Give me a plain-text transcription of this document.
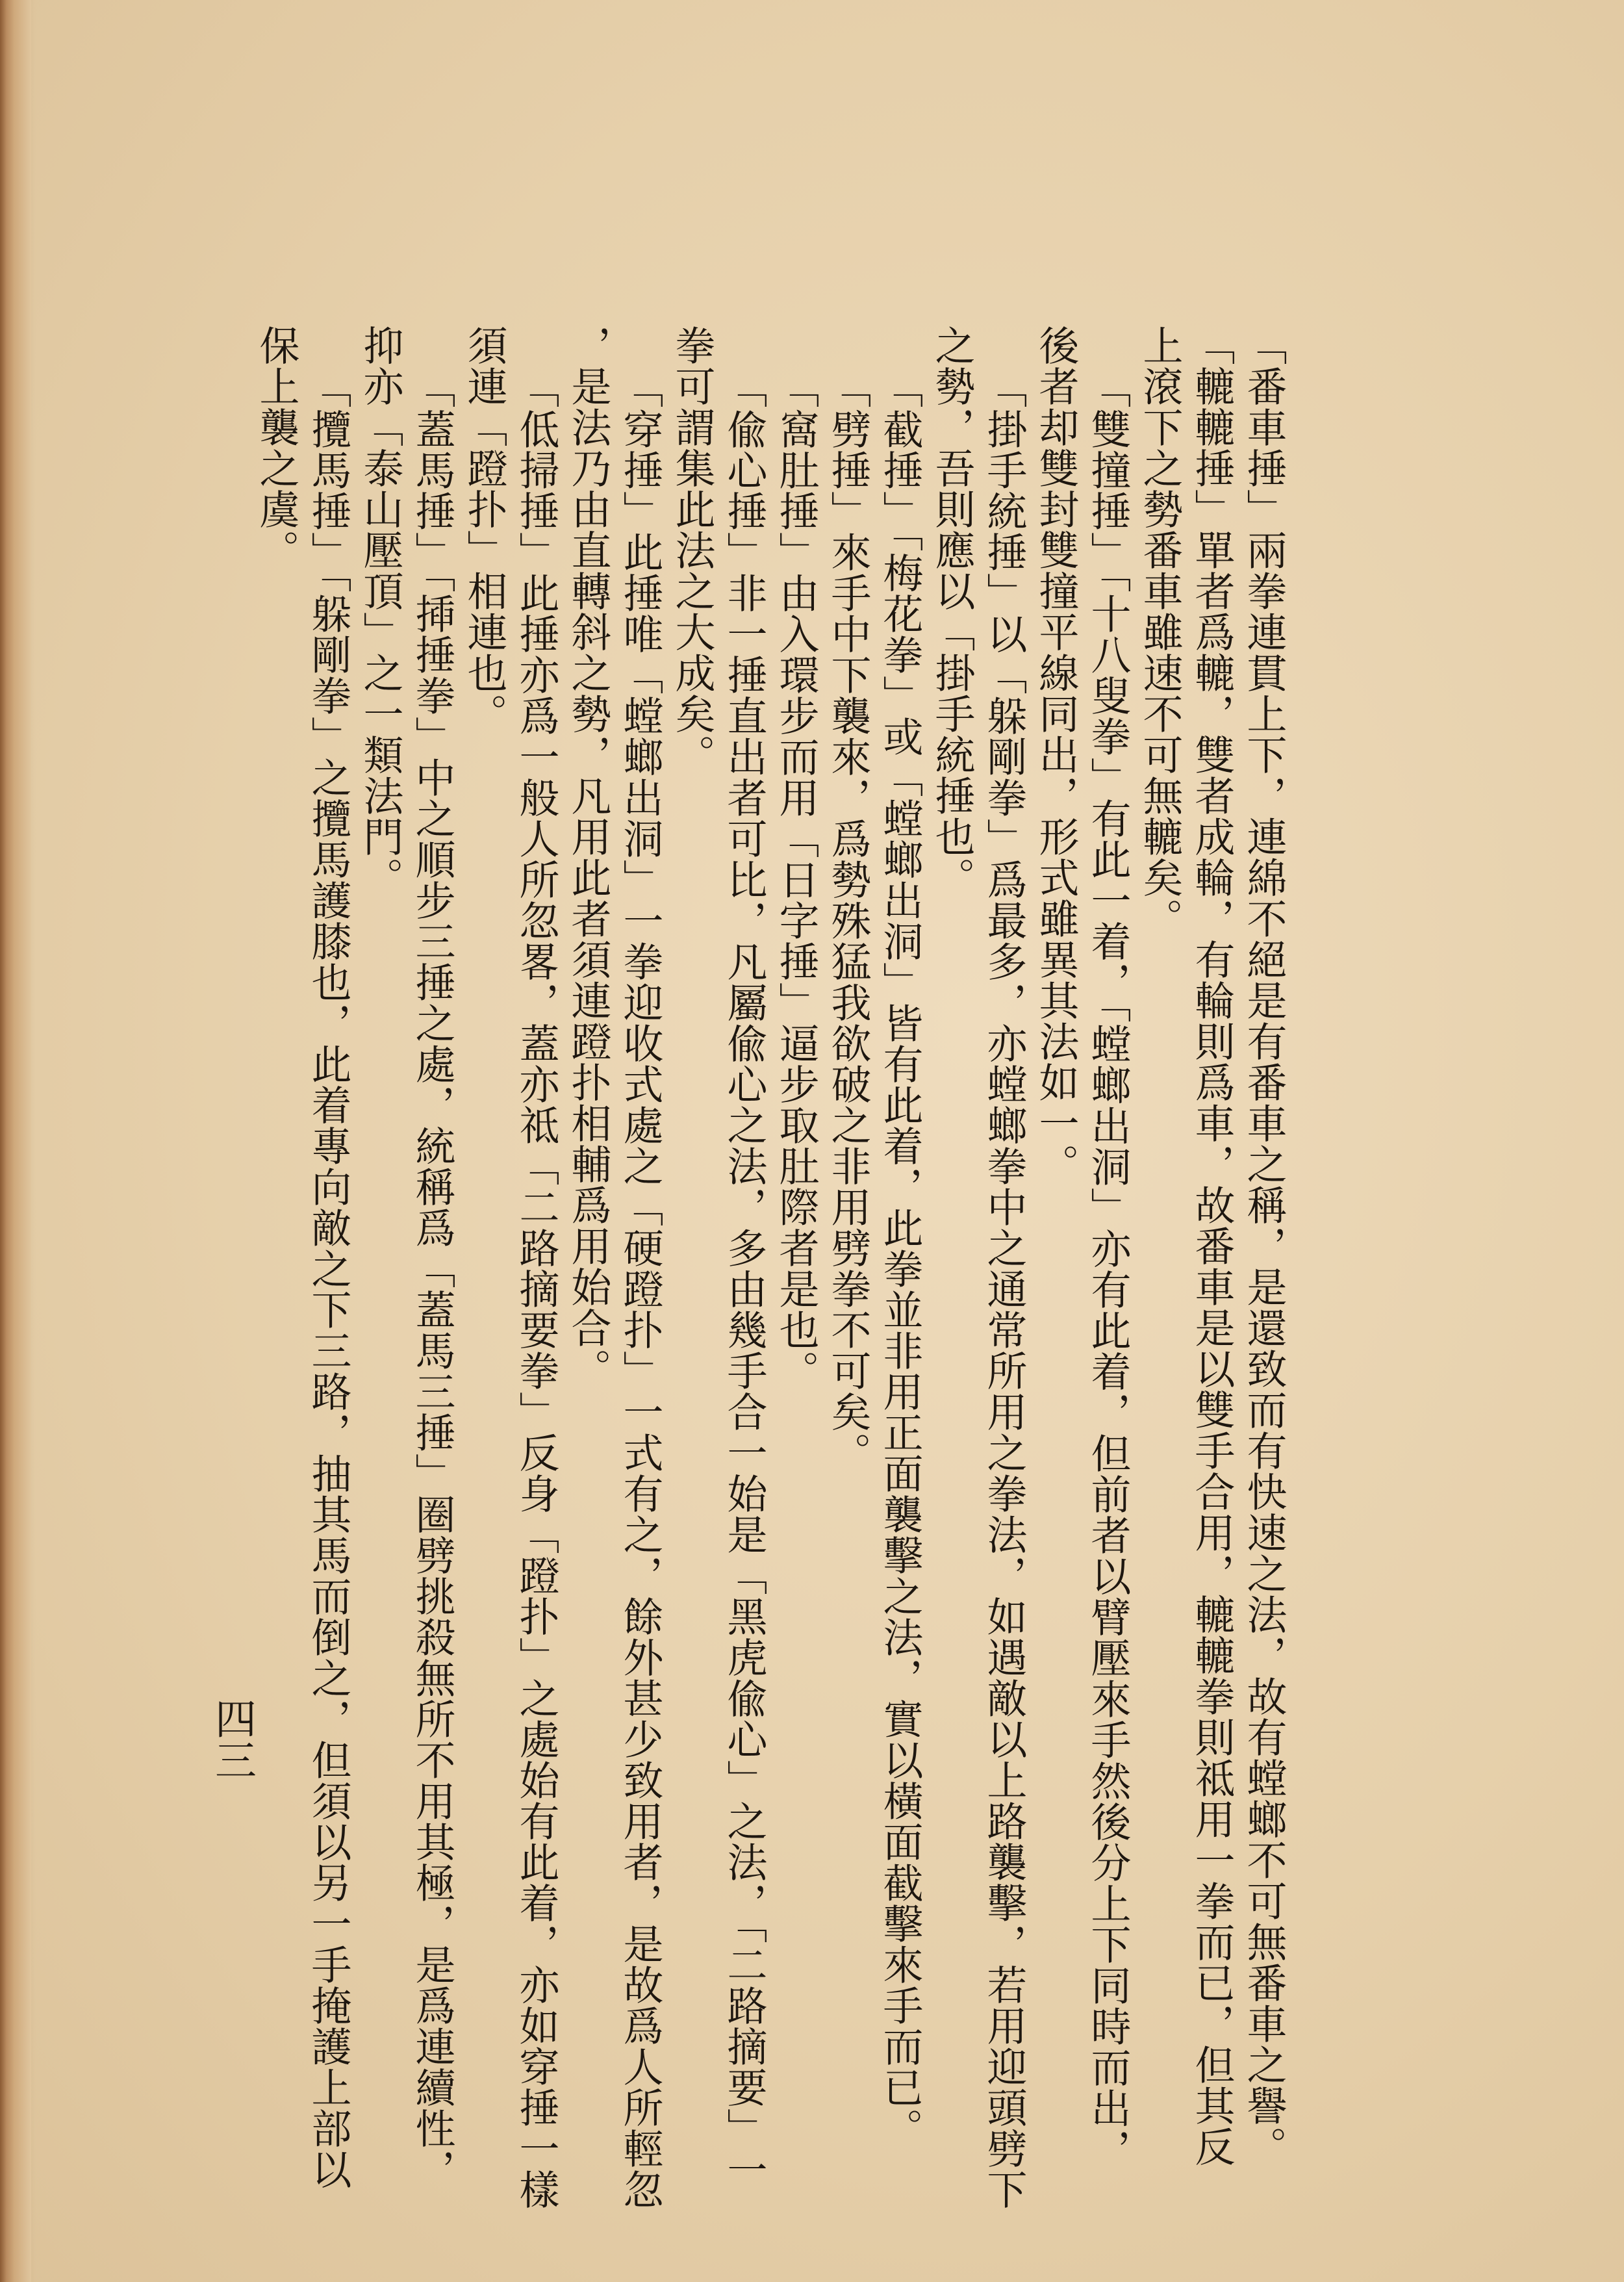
「番車捶」兩拳連貫上下，連綿不絕是有番車之稱，是還致而有快速之法，故有螳螂不可無番車之譽。
「轆轆捶」單者爲轆，雙者成輪，有輪則爲車，故番車是以雙手合用，轆轆拳則祗用一拳而已，但其反
上滾下之勢番車雖速不可無轆矣。
「雙撞捶」「十八叟拳」有此一着，「螳螂出洞」亦有此着，但前者以臂壓來手然後分上下同時而出，
後者却雙封雙撞平線同出，形式雖異其法如一。
「掛手統捶」以「躲剛拳」爲最多，亦螳螂拳中之通常所用之拳法，如遇敵以上路襲擊，若用迎頭劈下
之勢，吾則應以「掛手統捶也。
「截捶」「梅花拳」或「螳螂出洞」皆有此着，此拳並非用正面襲擊之法，實以橫面截擊來手而已。
「劈捶」來手中下襲來，爲勢殊猛我欲破之非用劈拳不可矣。
「窩肚捶」由入環步而用「日字捶」逼步取肚際者是也。
「偸心捶」非一捶直出者可比，凡屬偸心之法，多由幾手合一始是「黑虎偸心」之法，「二路摘要」一
拳可謂集此法之大成矣。
「穿捶」此捶唯「螳螂出洞」一拳迎收式處之「硬蹬扑」一式有之，餘外甚少致用者，是故爲人所輕忽
，是法乃由直轉斜之勢，凡用此者須連蹬扑相輔爲用始合。
「低掃捶」此捶亦爲一般人所忽畧，蓋亦祗「二路摘要拳」反身「蹬扑」之處始有此着，亦如穿捶一樣
須連「蹬扑」相連也。
「蓋馬捶」「揷捶拳」中之順步三捶之處，統稱爲「蓋馬三捶」圈劈挑殺無所不用其極，是爲連續性，
抑亦「泰山壓頂」之一類法門。
「攬馬捶」「躲剛拳」之攬馬護膝也，此着專向敵之下三路，抽其馬而倒之，但須以另一手掩護上部以
保上襲之虞。
四三
